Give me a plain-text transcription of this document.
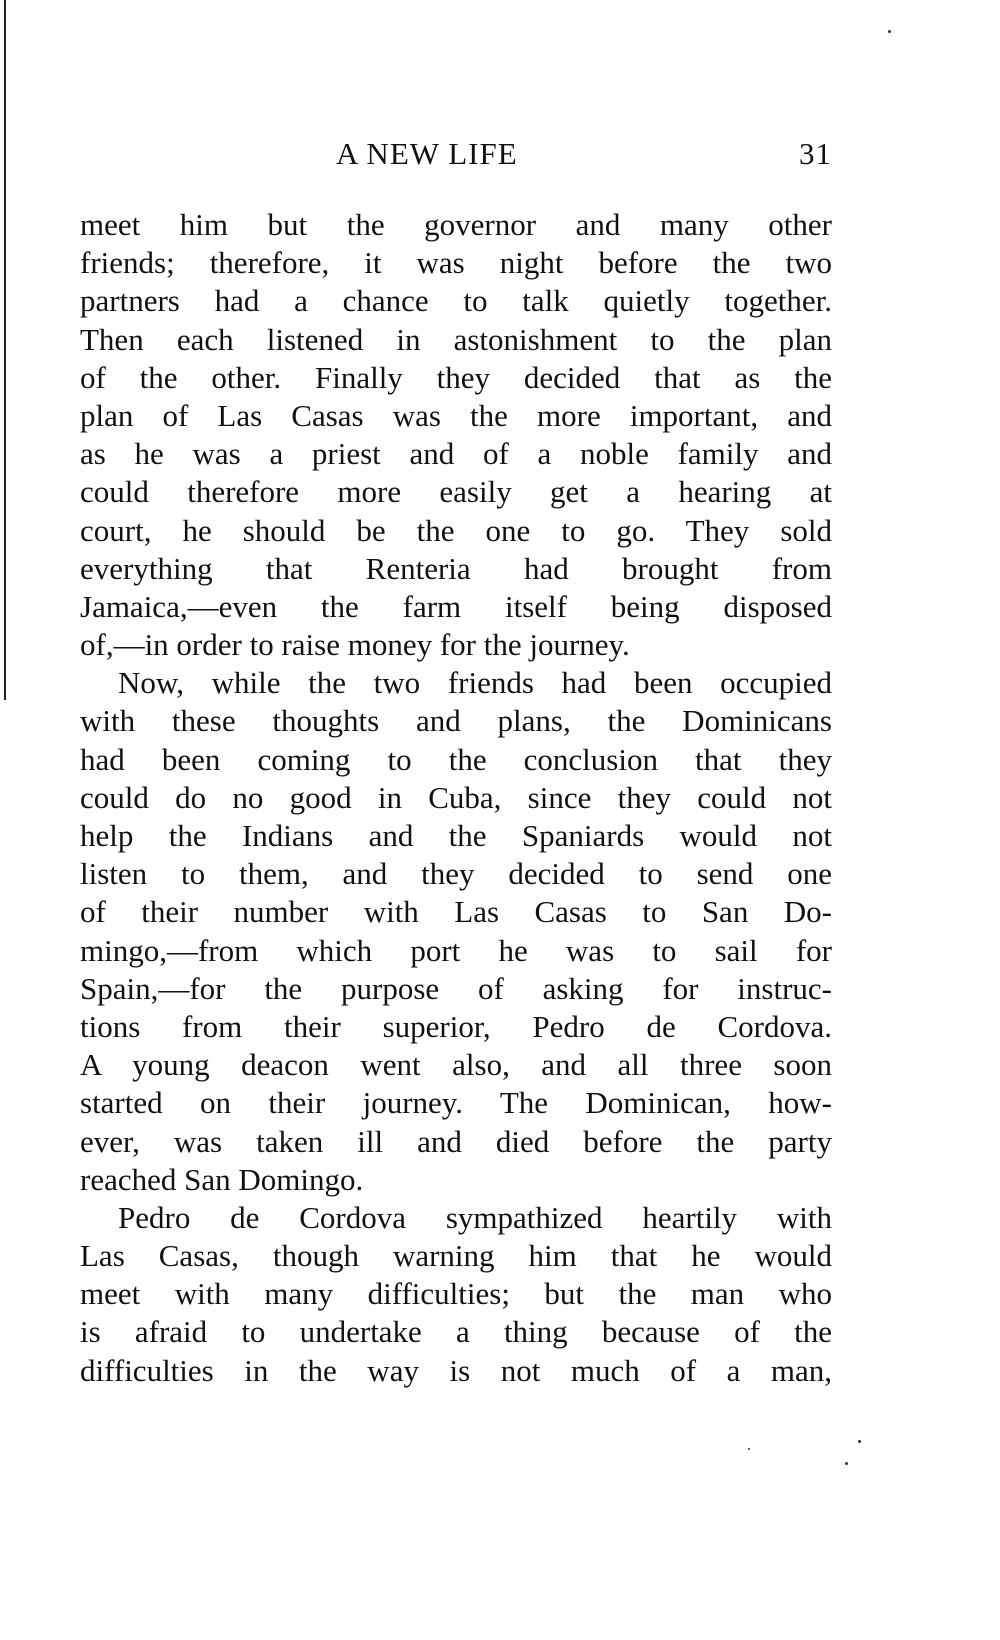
A NEW LIFE	31
meet him but the governor and many other
friends; therefore, it was night before the two
partners had a chance to talk quietly together.
Then each listened in astonishment to the plan
of the other. Finally they decided that as the
plan of Las Casas was the more important, and
as he was a priest and of a noble family and
could therefore more easily get a hearing at
court, he should be the one to go. They sold
everything that Renteria had brought from
Jamaica,—even the farm itself being disposed
of,—in order to raise money for the journey.
Now, while the two friends had been occupied
with these thoughts and plans, the Dominicans
had been coming to the conclusion that they
could do no good in Cuba, since they could not
help the Indians and the Spaniards would not
listen to them, and they decided to send one
of their number with Las Casas to San Do-
mingo,—from which port he was to sail for
Spain,—for the purpose of asking for instruc-
tions from their superior, Pedro de Cordova.
A young deacon went also, and all three soon
started on their journey. The Dominican, how-
ever, was taken ill and died before the party
reached San Domingo.
Pedro de Cordova sympathized heartily with
Las Casas, though warning him that he would
meet with many difficulties; but the man who
is afraid to undertake a thing because of the
difficulties in the way is not much of a man,
